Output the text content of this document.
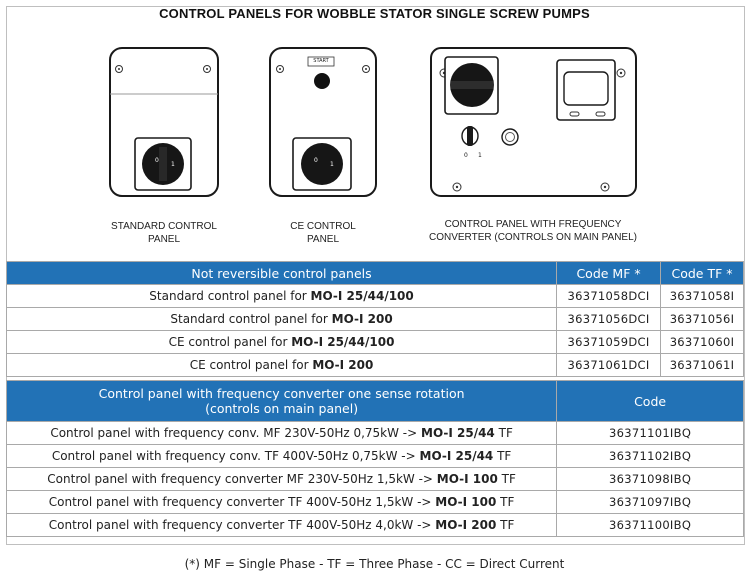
CONTROL PANELS FOR WOBBLE STATOR SINGLE SCREW PUMPS
0
1
STANDARD CONTROL
PANEL
0
1
START
CE CONTROL
PANEL
0 1
CONTROL PANEL WITH FREQUENCY
CONVERTER (CONTROLS ON MAIN PANEL)
Not reversible control panels	Code MF *	Code TF *
Standard control panel for MO-I 25/44/100	36371058DCI	36371058I
Standard control panel for MO-I 200	36371056DCI	36371056I
CE control panel for MO-I 25/44/100	36371059DCI	36371060I
CE control panel for MO-I 200	36371061DCI	36371061I
Control panel with frequency converter one sense rotation
(controls on main panel)	Code
Control panel with frequency conv. MF 230V-50Hz 0,75kW -> MO-I 25/44 TF	36371101IBQ
Control panel with frequency conv. TF 400V-50Hz 0,75kW -> MO-I 25/44 TF	36371102IBQ
Control panel with frequency converter MF 230V-50Hz 1,5kW -> MO-I 100 TF	36371098IBQ
Control panel with frequency converter TF 400V-50Hz 1,5kW -> MO-I 100 TF	36371097IBQ
Control panel with frequency converter TF 400V-50Hz 4,0kW -> MO-I 200 TF	36371100IBQ
(*) MF = Single Phase - TF = Three Phase - CC = Direct Current
